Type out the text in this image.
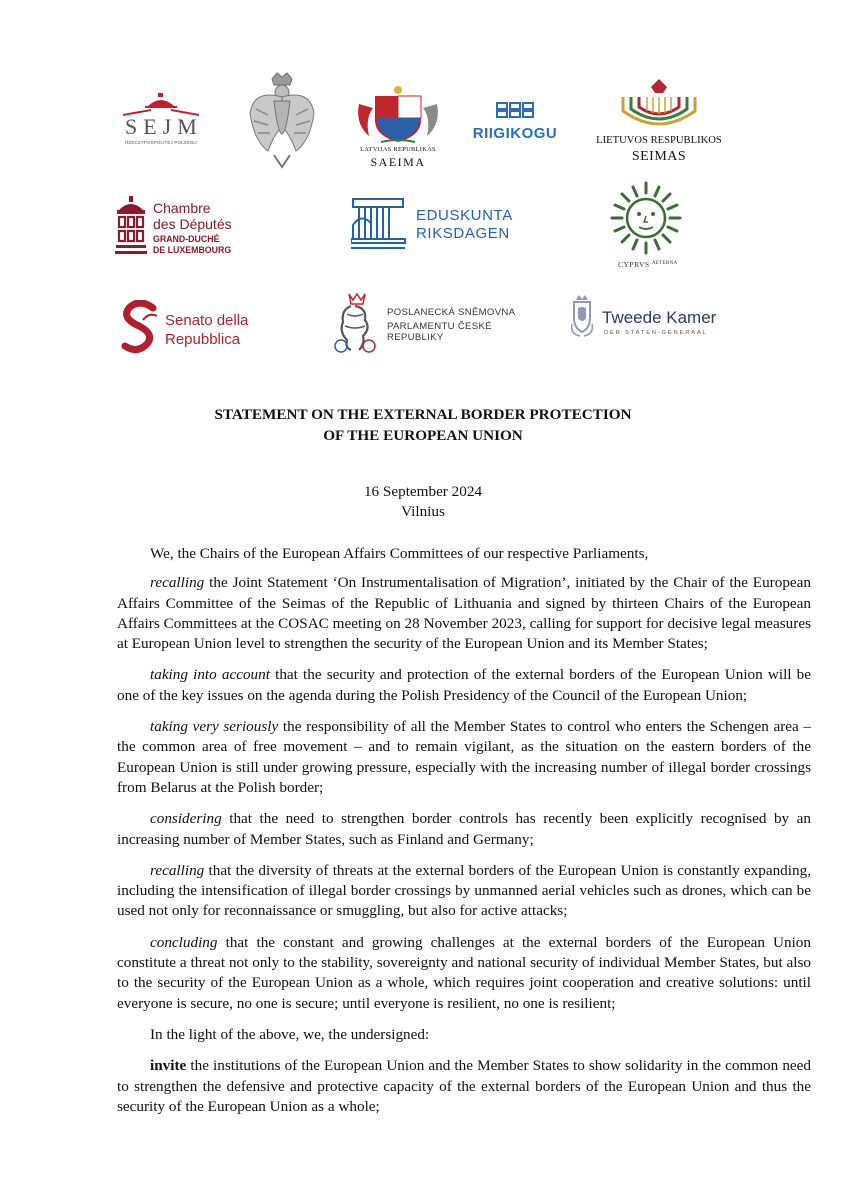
SEJM
RZECZYPOSPOLITEJ POLSKIEJ
LATVIJAS REPUBLIKAS
SAEIMA
RIIGIKOGU	LIETUVOS RESPUBLIKOS
SEIMAS
Chambre
des Députés
GRAND-DUCHÉ
DE LUXEMBOURG
EDUSKUNTA
RIKSDAGEN
CYPRVS AETERNA
Senato della
Repubblica
POSLANECKÁ SNĚMOVNA
PARLAMENTU ČESKÉ REPUBLIKY
Tweede Kamer
DER STATEN-GENERAAL
STATEMENT ON THE EXTERNAL BORDER PROTECTION
OF THE EUROPEAN UNION
16 September 2024
Vilnius

We, the Chairs of the European Affairs Committees of our respective Parliaments,

recalling the Joint Statement ‘On Instrumentalisation of Migration’, initiated by the Chair of the European Affairs Committee of the Seimas of the Republic of Lithuania and signed by thirteen Chairs of the European Affairs Committees at the COSAC meeting on 28 November 2023, calling for support for decisive legal measures at European Union level to strengthen the security of the European Union and its Member States;

taking into account that the security and protection of the external borders of the European Union will be one of the key issues on the agenda during the Polish Presidency of the Council of the European Union;

taking very seriously the responsibility of all the Member States to control who enters the Schengen area – the common area of free movement – and to remain vigilant, as the situation on the eastern borders of the European Union is still under growing pressure, especially with the increasing number of illegal border crossings from Belarus at the Polish border;

considering that the need to strengthen border controls has recently been explicitly recognised by an increasing number of Member States, such as Finland and Germany;

recalling that the diversity of threats at the external borders of the European Union is constantly expanding, including the intensification of illegal border crossings by unmanned aerial vehicles such as drones, which can be used not only for reconnaissance or smuggling, but also for active attacks;

concluding that the constant and growing challenges at the external borders of the European Union constitute a threat not only to the stability, sovereignty and national security of individual Member States, but also to the security of the European Union as a whole, which requires joint cooperation and creative solutions: until everyone is secure, no one is secure; until everyone is resilient, no one is resilient;

In the light of the above, we, the undersigned:

invite the institutions of the European Union and the Member States to show solidarity in the common need to strengthen the defensive and protective capacity of the external borders of the European Union and thus the security of the European Union as a whole;
